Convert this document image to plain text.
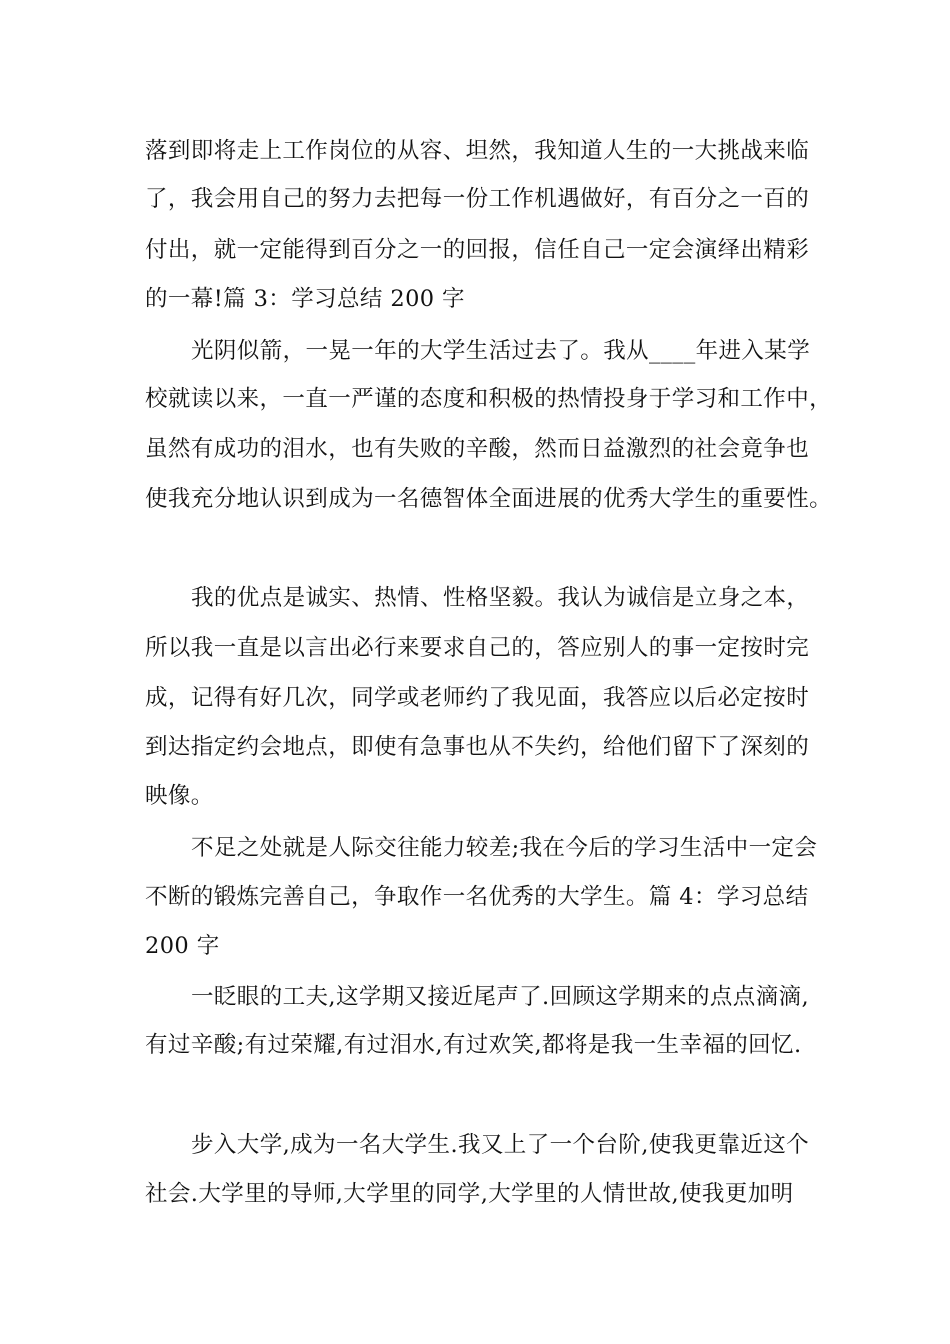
落到即将走上工作岗位的从容、坦然，我知道人生的一大挑战来临
了，我会用自己的努力去把每一份工作机遇做好，有百分之一百的
付出，就一定能得到百分之一的回报，信任自己一定会演绎出精彩
的一幕!篇 3：学习总结 200 字
光阴似箭，一晃一年的大学生活过去了。我从____年进入某学
校就读以来，一直一严谨的态度和积极的热情投身于学习和工作中，
虽然有成功的泪水，也有失败的辛酸，然而日益激烈的社会竟争也
使我充分地认识到成为一名德智体全面进展的优秀大学生的重要性。
我的优点是诚实、热情、性格坚毅。我认为诚信是立身之本，
所以我一直是以言出必行来要求自己的，答应别人的事一定按时完
成，记得有好几次，同学或老师约了我见面，我答应以后必定按时
到达指定约会地点，即使有急事也从不失约，给他们留下了深刻的
映像。
不足之处就是人际交往能力较差;我在今后的学习生活中一定会
不断的锻炼完善自己，争取作一名优秀的大学生。篇 4：学习总结
200 字
一眨眼的工夫,这学期又接近尾声了.回顾这学期来的点点滴滴,
有过辛酸;有过荣耀,有过泪水,有过欢笑,都将是我一生幸福的回忆.
步入大学,成为一名大学生.我又上了一个台阶,使我更靠近这个
社会.大学里的导师,大学里的同学,大学里的人情世故,使我更加明
